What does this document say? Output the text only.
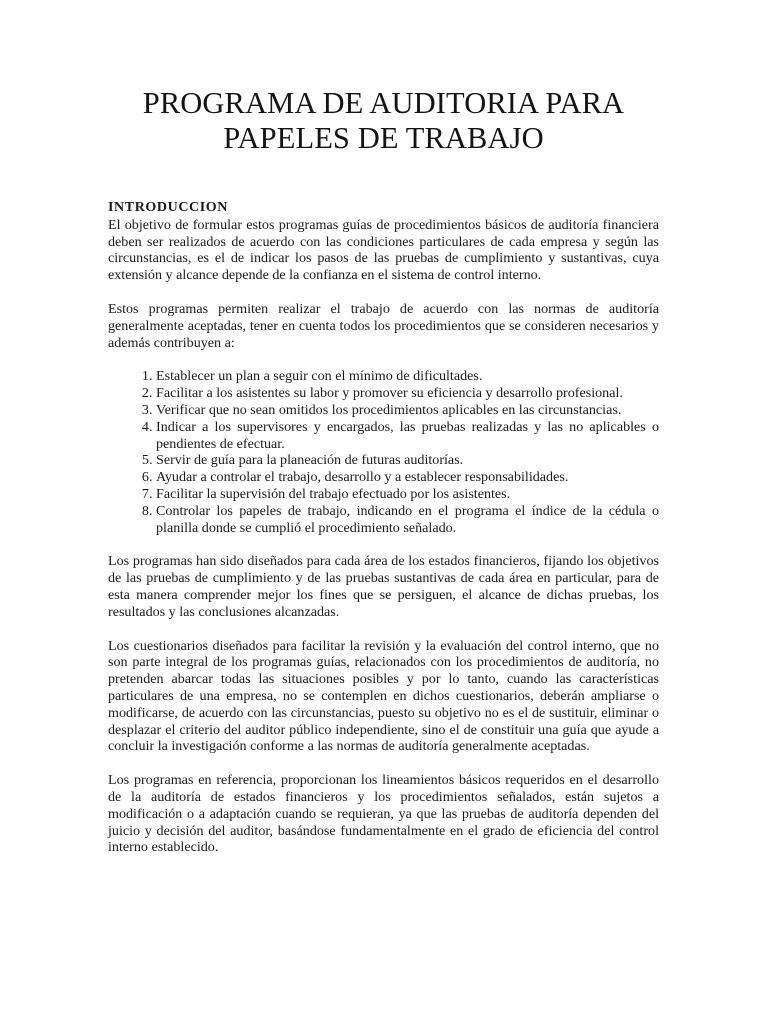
PROGRAMA DE AUDITORIA PARA
PAPELES DE TRABAJO
INTRODUCCION

El objetivo de formular estos programas guías de procedimientos básicos de auditoría financiera deben ser realizados de acuerdo con las condiciones particulares de cada empresa y según las circunstancias, es el de indicar los pasos de las pruebas de cumplimiento y sustantivas, cuya extensión y alcance depende de la confianza en el sistema de control interno.

Estos programas permiten realizar el trabajo de acuerdo con las normas de auditoría generalmente aceptadas, tener en cuenta todos los procedimientos que se consideren necesarios y además contribuyen a:

1. Establecer un plan a seguir con el mínimo de dificultades.
2. Facilitar a los asistentes su labor y promover su eficiencia y desarrollo profesional.
3. Verificar que no sean omitidos los procedimientos aplicables en las circunstancias.
4. Indicar a los supervisores y encargados, las pruebas realizadas y las no aplicables o pendientes de efectuar.
5. Servir de guía para la planeación de futuras auditorías.
6. Ayudar a controlar el trabajo, desarrollo y a establecer responsabilidades.
7. Facilitar la supervisión del trabajo efectuado por los asistentes.
8. Controlar los papeles de trabajo, indicando en el programa el índice de la cédula o planilla donde se cumplió el procedimiento señalado.

Los programas han sido diseñados para cada área de los estados financieros, fijando los objetivos de las pruebas de cumplimiento y de las pruebas sustantivas de cada área en particular, para de esta manera comprender mejor los fines que se persiguen, el alcance de dichas pruebas, los resultados y las conclusiones alcanzadas.

Los cuestionarios diseñados para facilitar la revisión y la evaluación del control interno, que no son parte integral de los programas guías, relacionados con los procedimientos de auditoría, no pretenden abarcar todas las situaciones posibles y por lo tanto, cuando las características particulares de una empresa, no se contemplen en dichos cuestionarios, deberán ampliarse o modificarse, de acuerdo con las circunstancias, puesto su objetivo no es el de sustituir, eliminar o desplazar el criterio del auditor público independiente, sino el de constituir una guía que ayude a concluir la investigación conforme a las normas de auditoría generalmente aceptadas.

Los programas en referencia, proporcionan los lineamientos básicos requeridos en el desarrollo de la auditoría de estados financieros y los procedimientos señalados, están sujetos a modificación o a adaptación cuando se requieran, ya que las pruebas de auditoría dependen del juicio y decisión del auditor, basándose fundamentalmente en el grado de eficiencia del control interno establecido.
